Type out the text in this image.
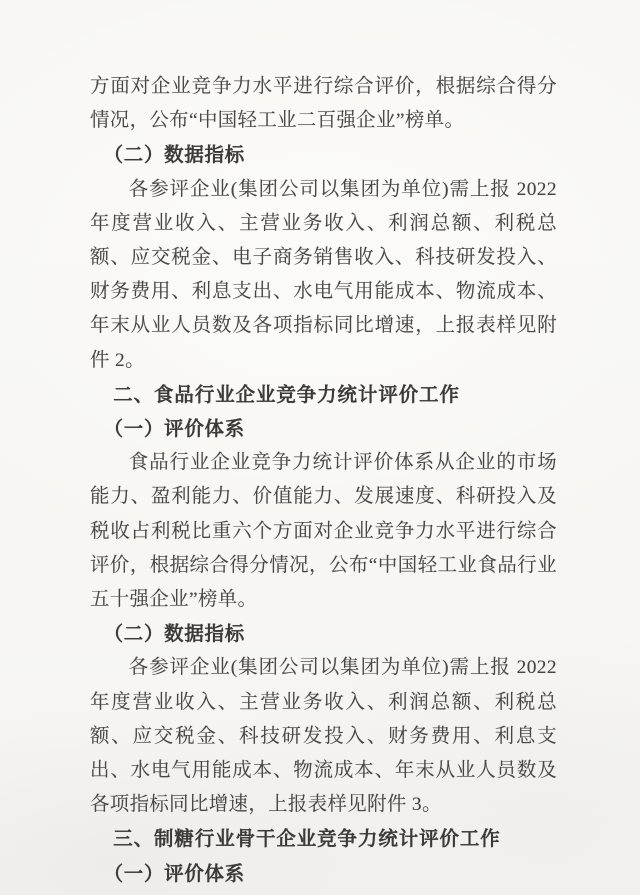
方面对企业竞争力水平进行综合评价，根据综合得分情况，公布“中国轻工业二百强企业”榜单。

（二）数据指标

各参评企业(集团公司以集团为单位)需上报 2022 年度营业收入、主营业务收入、利润总额、利税总额、应交税金、电子商务销售收入、科技研发投入、财务费用、利息支出、水电气用能成本、物流成本、年末从业人员数及各项指标同比增速，上报表样见附件 2。

二、食品行业企业竞争力统计评价工作

（一）评价体系

食品行业企业竞争力统计评价体系从企业的市场能力、盈利能力、价值能力、发展速度、科研投入及税收占利税比重六个方面对企业竞争力水平进行综合评价，根据综合得分情况，公布“中国轻工业食品行业五十强企业”榜单。

（二）数据指标

各参评企业(集团公司以集团为单位)需上报 2022 年度营业收入、主营业务收入、利润总额、利税总额、应交税金、科技研发投入、财务费用、利息支出、水电气用能成本、物流成本、年末从业人员数及各项指标同比增速，上报表样见附件 3。

三、制糖行业骨干企业竞争力统计评价工作

（一）评价体系
